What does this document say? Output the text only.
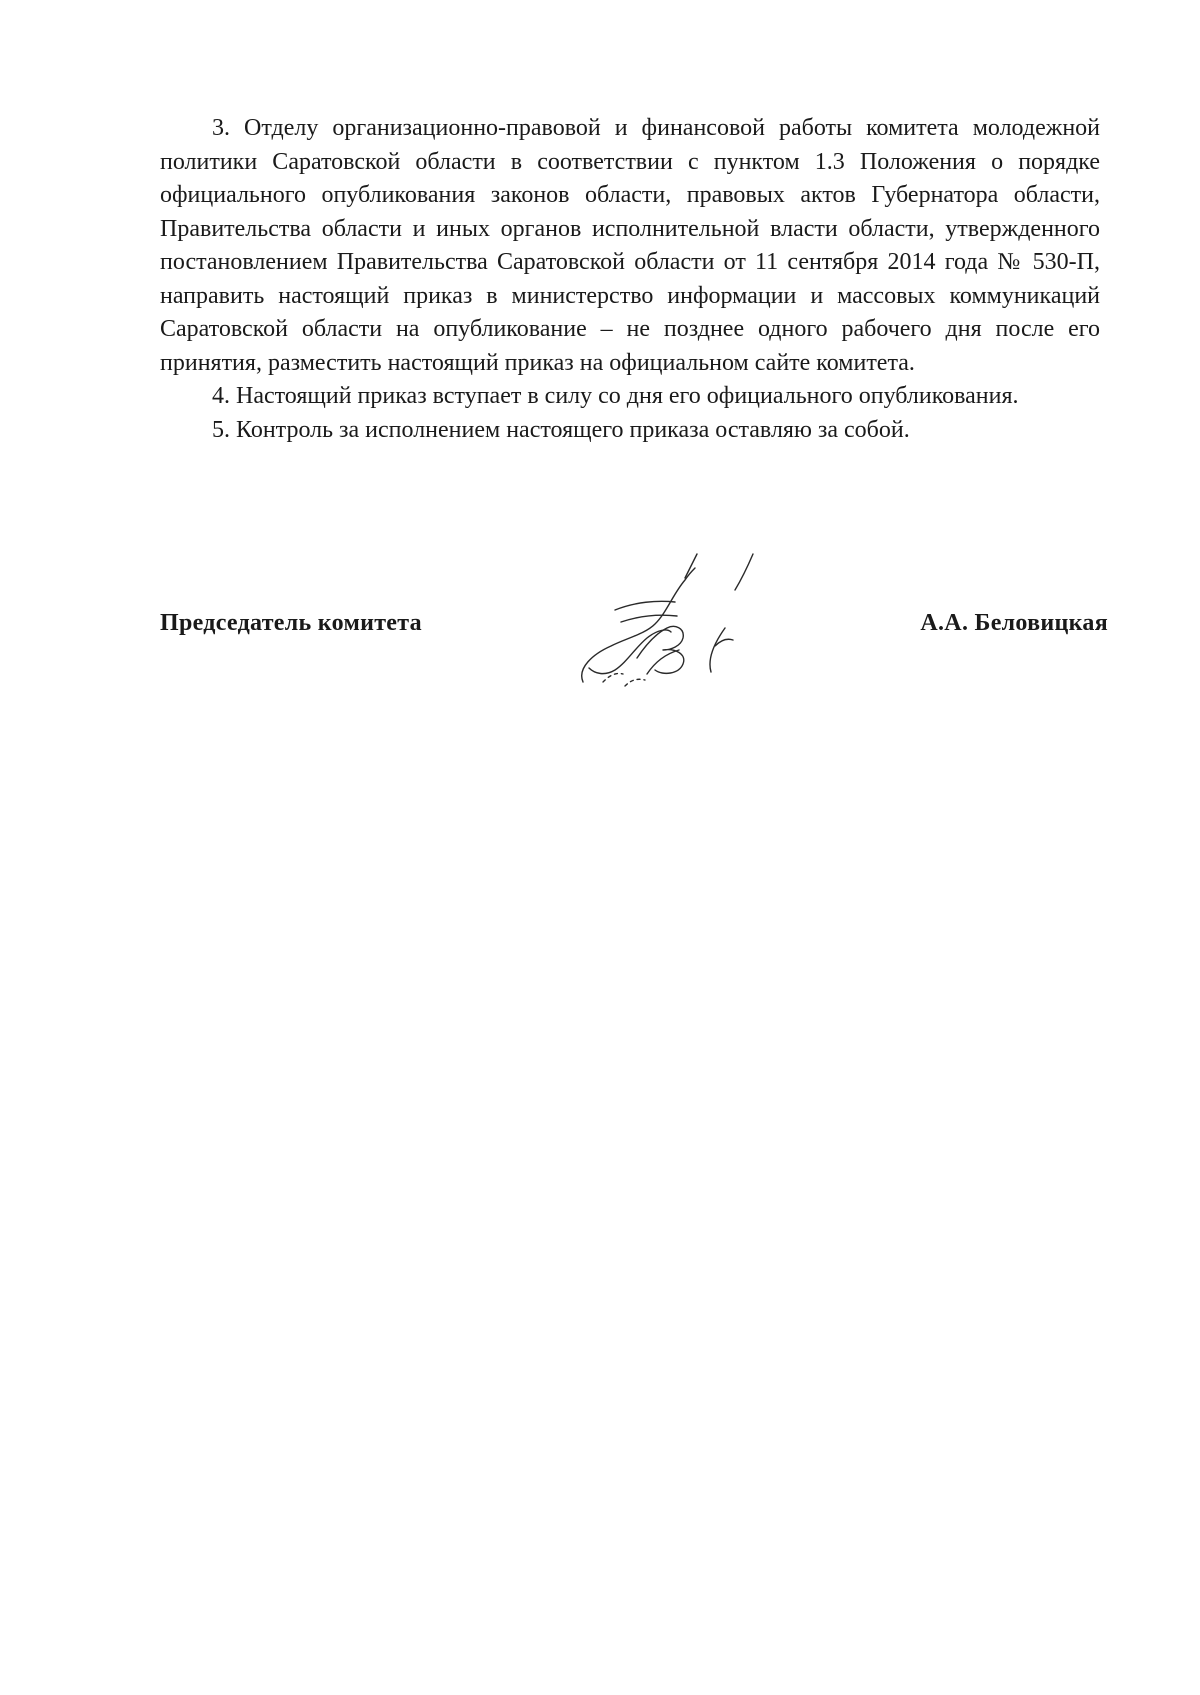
3. Отделу организационно-правовой и финансовой работы комитета молодежной политики Саратовской области в соответствии с пунктом 1.3 Положения о порядке официального опубликования законов области, правовых актов Губернатора области, Правительства области и иных органов исполнительной власти области, утвержденного постановлением Правительства Саратовской области от 11 сентября 2014 года № 530-П, направить настоящий приказ в министерство информации и массовых коммуникаций Саратовской области на опубликование – не позднее одного рабочего дня после его принятия, разместить настоящий приказ на официальном сайте комитета.

4. Настоящий приказ вступает в силу со дня его официального опубликования.

5. Контроль за исполнением настоящего приказа оставляю за собой.

Председатель комитета	А.А. Беловицкая
